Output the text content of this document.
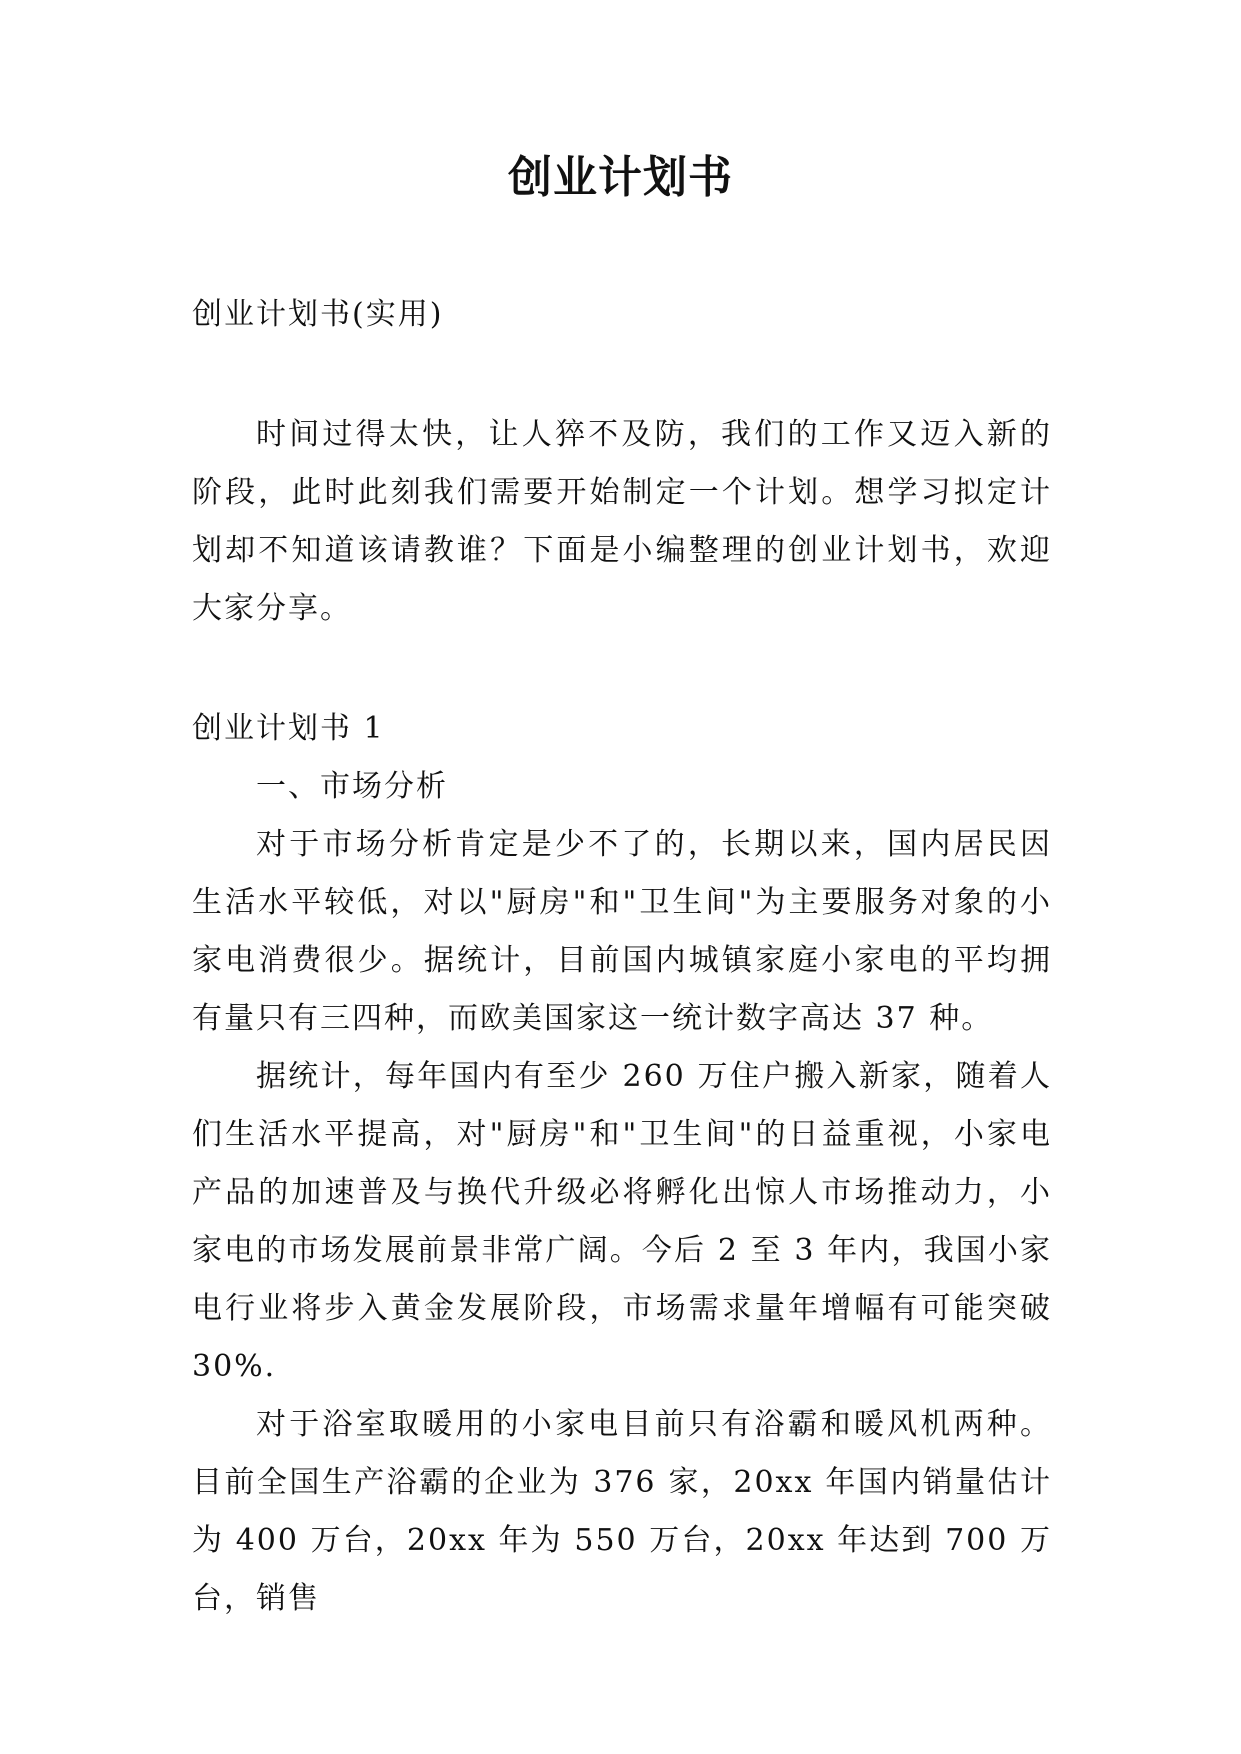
创业计划书

创业计划书(实用)

时间过得太快，让人猝不及防，我们的工作又迈入新的阶段，此时此刻我们需要开始制定一个计划。想学习拟定计划却不知道该请教谁？下面是小编整理的创业计划书，欢迎大家分享。

创业计划书 1

一、市场分析

对于市场分析肯定是少不了的，长期以来，国内居民因生活水平较低，对以"厨房"和"卫生间"为主要服务对象的小家电消费很少。据统计，目前国内城镇家庭小家电的平均拥有量只有三四种，而欧美国家这一统计数字高达 37 种。

据统计，每年国内有至少 260 万住户搬入新家，随着人们生活水平提高，对"厨房"和"卫生间"的日益重视，小家电产品的加速普及与换代升级必将孵化出惊人市场推动力，小家电的市场发展前景非常广阔。今后 2 至 3 年内，我国小家电行业将步入黄金发展阶段，市场需求量年增幅有可能突破 30%.

对于浴室取暖用的小家电目前只有浴霸和暖风机两种。目前全国生产浴霸的企业为 376 家，20xx 年国内销量估计为 400 万台，20xx 年为 550 万台，20xx 年达到 700 万台，销售
